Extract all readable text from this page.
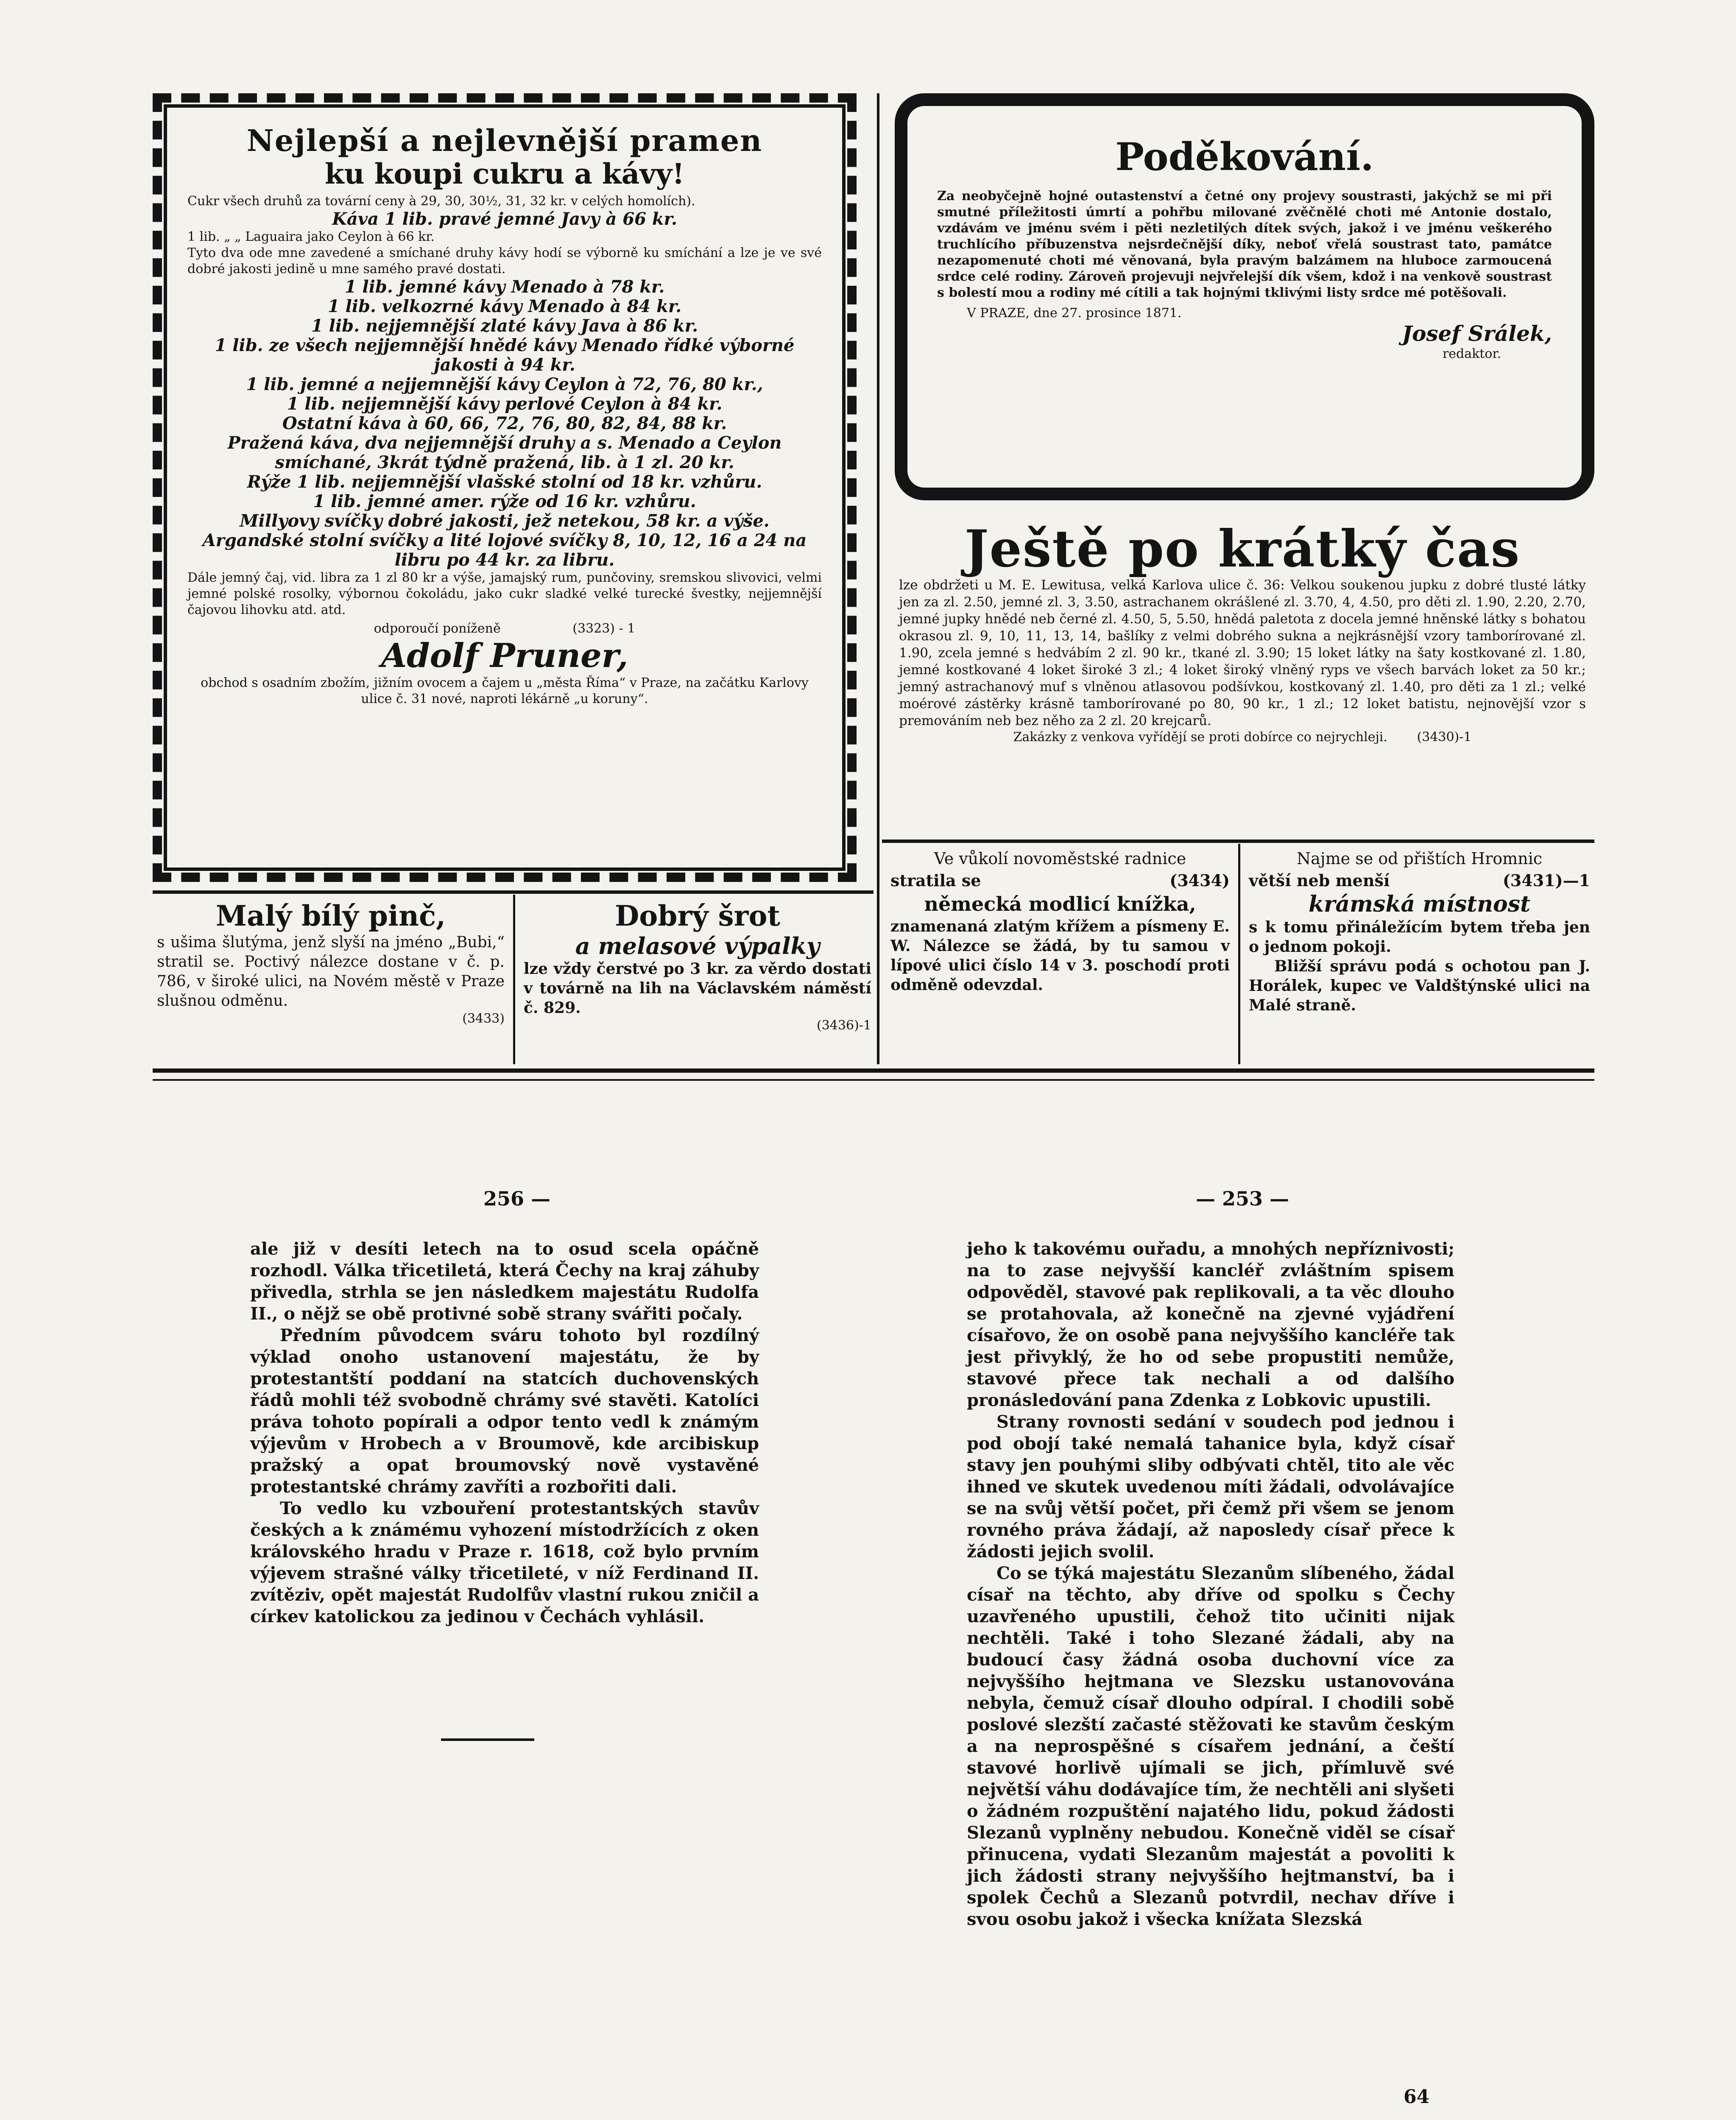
Nejlepší a nejlevnější pramen
ku koupi cukru a kávy!

Cukr všech druhů za tovární ceny à 29, 30, 30½, 31, 32 kr. v celých homolích).

Káva 1 lib. pravé jemné Javy à 66 kr.

1 lib. „ „ Laguaira jako Ceylon à 66 kr.

Tyto dva ode mne zavedené a smíchané druhy kávy hodí se výborně ku smíchání a lze je ve své dobré jakosti jedině u mne samého pravé dostati.

1 lib. jemné kávy Menado à 78 kr.

1 lib. velkozrné kávy Menado à 84 kr.

1 lib. nejjemnější zlaté kávy Java à 86 kr.

1 lib. ze všech nejjemnější hnědé kávy Menado řídké výborné jakosti à 94 kr.

1 lib. jemné a nejjemnější kávy Ceylon à 72, 76, 80 kr.,

1 lib. nejjemnější kávy perlové Ceylon à 84 kr.

Ostatní káva à 60, 66, 72, 76, 80, 82, 84, 88 kr.

Pražená káva, dva nejjemnější druhy a s. Menado a Ceylon smíchané, 3krát týdně pražená, lib. à 1 zl. 20 kr.

Rýže 1 lib. nejjemnější vlašské stolní od 18 kr. vzhůru.

1 lib. jemné amer. rýže od 16 kr. vzhůru.

Millyovy svíčky dobré jakosti, jež netekou, 58 kr. a výše.

Argandské stolní svíčky a lité lojové svíčky 8, 10, 12, 16 a 24 na libru po 44 kr. za libru.

Dále jemný čaj, vid. libra za 1 zl 80 kr a výše, jamajský rum, punčoviny, sremskou slivovici, velmi jemné polské rosolky, výbornou čokoládu, jako cukr sladké velké turecké švestky, nejjemnější čajovou lihovku atd. atd.

odporoučí poníženě	(3323) - 1
Adolf Pruner,
obchod s osadním zbožím, jižním ovocem a čajem u „města Říma“ v Praze, na začátku Karlovy ulice č. 31 nové, naproti lékárně „u koruny“.
Poděkování.

Za neobyčejně hojné outastenství a četné ony projevy soustrasti, jakýchž se mi při smutné příležitosti úmrtí a pohřbu milované zvěčnělé choti mé Antonie dostalo, vzdávám ve jménu svém i pěti nezletilých dítek svých, jakož i ve jménu veškerého truchlícího příbuzenstva nejsrdečnější díky, neboť vřelá soustrast tato, památce nezapomenuté choti mé věnovaná, byla pravým balzámem na hluboce zarmoucená srdce celé rodiny. Zároveň projevuji nejvřelejší dík všem, kdož i na venkově soustrast s bolestí mou a rodiny mé cítili a tak hojnými tklivými listy srdce mé potěšovali.

V PRAZE, dne 27. prosince 1871.

Josef Srálek,

redaktor.

Ještě po krátký čas

lze obdržeti u M. E. Lewitusa, velká Karlova ulice č. 36: Velkou soukenou jupku z dobré tlusté látky jen za zl. 2.50, jemné zl. 3, 3.50, astrachanem okrášlené zl. 3.70, 4, 4.50, pro děti zl. 1.90, 2.20, 2.70, jemné jupky hnědé neb černé zl. 4.50, 5, 5.50, hnědá paletota z docela jemné hněnské látky s bohatou okrasou zl. 9, 10, 11, 13, 14, bašlíky z velmi dobrého sukna a nejkrásnější vzory tamborírované zl. 1.90, zcela jemné s hedvábím 2 zl. 90 kr., tkané zl. 3.90; 15 loket látky na šaty kostkované zl. 1.80, jemné kostkované 4 loket široké 3 zl.; 4 loket široký vlněný ryps ve všech barvách loket za 50 kr.; jemný astrachanový muf s vlněnou atlasovou podšívkou, kostkovaný zl. 1.40, pro děti za 1 zl.; velké moérové zástěrky krásně tamborírované po 80, 90 kr., 1 zl.; 12 loket batistu, nejnovější vzor s premováním neb bez něho za 2 zl. 20 krejcarů.

Zakázky z venkova vyřídějí se proti dobírce co nejrychleji. (3430)-1

Malý bílý pinč,

s ušima šlutýma, jenž slyší na jméno „Bubi,“ stratil se. Poctivý nálezce dostane v č. p. 786, v široké ulici, na Novém městě v Praze slušnou odměnu.

(3433)

Dobrý šrot
a melasové výpalky

lze vždy čerstvé po 3 kr. za věrdo dostati v továrně na lih na Václavském náměstí č. 829.

(3436)-1

Ve vůkolí novoměstské radnice

stratila se	(3434)

německá modlicí knížka,

znamenaná zlatým křížem a písmeny E. W. Nálezce se žádá, by tu samou v lípové ulici číslo 14 v 3. poschodí proti odměně odevzdal.

Najme se od přištích Hromnic

větší neb menší	(3431)—1

krámská místnost

s k tomu přináležícím bytem třeba jen o jednom pokoji.

Bližší správu podá s ochotou pan J. Horálek, kupec ve Valdštýnské ulici na Malé straně.

256 —

ale již v desíti letech na to osud scela opáčně rozhodl. Válka třicetiletá, která Čechy na kraj záhuby přivedla, strhla se jen následkem majestátu Rudolfa II., o nějž se obě protivné sobě strany svářiti počaly.

Předním původcem sváru tohoto byl rozdílný výklad onoho ustanovení majestátu, že by protestantští poddaní na statcích duchovenských řádů mohli též svobodně chrámy své stavěti. Katolíci práva tohoto popírali a odpor tento vedl k známým výjevům v Hrobech a v Broumově, kde arcibiskup pražský a opat broumovský nově vystavěné protestantské chrámy zavříti a rozbořiti dali.

To vedlo ku vzbouření protestantských stavův českých a k známému vyhození místodržících z oken královského hradu v Praze r. 1618, což bylo prvním výjevem strašné války třicetileté, v níž Ferdinand II. zvítěziv, opět majestát Rudolfův vlastní rukou zničil a církev katolickou za jedinou v Čechách vyhlásil.

— 253 —

jeho k takovému ouřadu, a mnohých nepříznivosti; na to zase nejvyšší kancléř zvláštním spisem odpověděl, stavové pak replikovali, a ta věc dlouho se protahovala, až konečně na zjevné vyjádření císařovo, že on osobě pana nejvyššího kancléře tak jest přivyklý, že ho od sebe propustiti nemůže, stavové přece tak nechali a od dalšího pronásledování pana Zdenka z Lobkovic upustili.

Strany rovnosti sedání v soudech pod jednou i pod obojí také nemalá tahanice byla, když císař stavy jen pouhými sliby odbývati chtěl, tito ale věc ihned ve skutek uvedenou míti žádali, odvolávajíce se na svůj větší počet, při čemž při všem se jenom rovného práva žádají, až naposledy císař přece k žádosti jejich svolil.

Co se týká majestátu Slezanům slíbeného, žádal císař na těchto, aby dříve od spolku s Čechy uzavřeného upustili, čehož tito učiniti nijak nechtěli. Také i toho Slezané žádali, aby na budoucí časy žádná osoba duchovní více za nejvyššího hejtmana ve Slezsku ustanovována nebyla, čemuž císař dlouho odpíral. I chodili sobě poslové slezští začasté stěžovati ke stavům českým a na neprospěšné s císařem jednání, a čeští stavové horlivě ujímali se jich, přímluvě své největší váhu dodávajíce tím, že nechtěli ani slyšeti o žádném rozpuštění najatého lidu, pokud žádosti Slezanů vyplněny nebudou. Konečně viděl se císař přinucena, vydati Slezanům majestát a povoliti k jich žádosti strany nejvyššího hejtmanství, ba i spolek Čechů a Slezanů potvrdil, nechav dříve i svou osobu jakož i všecka knížata Slezská

64
